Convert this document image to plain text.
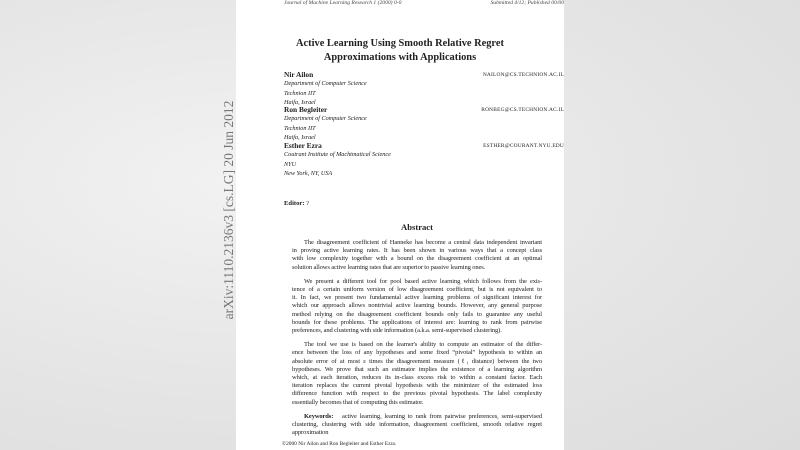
Journal of Machine Learning Research 1 (2000) 0-0	Submitted 4/12; Published 00/00
Active Learning Using Smooth Relative Regret
Approximations with Applications
Nir Ailon	NAILON@CS.TECHNION.AC.IL
Department of Computer Science
Technion IIT
Haifa, Israel
Ron Begleiter	RONBEG@CS.TECHNION.AC.IL
Department of Computer Science
Technion IIT
Haifa, Israel
Esther Ezra	ESTHER@COURANT.NYU.EDU
Coutrant Institute of Machtmatical Science
NYU
New York, NY, USA
Editor: ?
Abstract
The disagreement coefficient of Hanneke has become a central data independent invariant
in proving active learning rates. It has been shown in various ways that a concept class
with low complexity together with a bound on the disagreement coefficient at an optimal
solution allows active learning rates that are superior to passive learning ones.
We present a different tool for pool based active learning which follows from the exis-
tence of a certain uniform version of low disagreement coefficient, but is not equivalent to
it. In fact, we present two fundamental active learning problems of significant interest for
which our approach allows nontrivial active learning bounds. However, any general purpose
method relying on the disagreement coefficient bounds only fails to guarantee any useful
bounds for these problems. The applications of interest are: learning to rank from pairwise
preferences, and clustering with side information (a.k.a. semi-supervised clustering).
The tool we use is based on the learner's ability to compute an estimator of the differ-
ence between the loss of any hypotheses and some fixed “pivotal” hypothesis to within an
absolute error of at most ε times the disagreement measure (ℓ₁ distance) between the two
hypotheses. We prove that such an estimator implies the existence of a learning algorithm
which, at each iteration, reduces its in-class excess risk to within a constant factor. Each
iteration replaces the current pivotal hypothesis with the minimizer of the estimated loss
difference function with respect to the previous pivotal hypothesis. The label complexity
essentially becomes that of computing this estimator.
Keywords: active learning, learning to rank from pairwise preferences, semi-supervised
clustering, clustering with side information, disagreement coefficient, smooth relative regret
approximation
©2000 Nir Ailon and Ron Begleiter and Esther Ezra.
arXiv:1110.2136v3 [cs.LG] 20 Jun 2012
